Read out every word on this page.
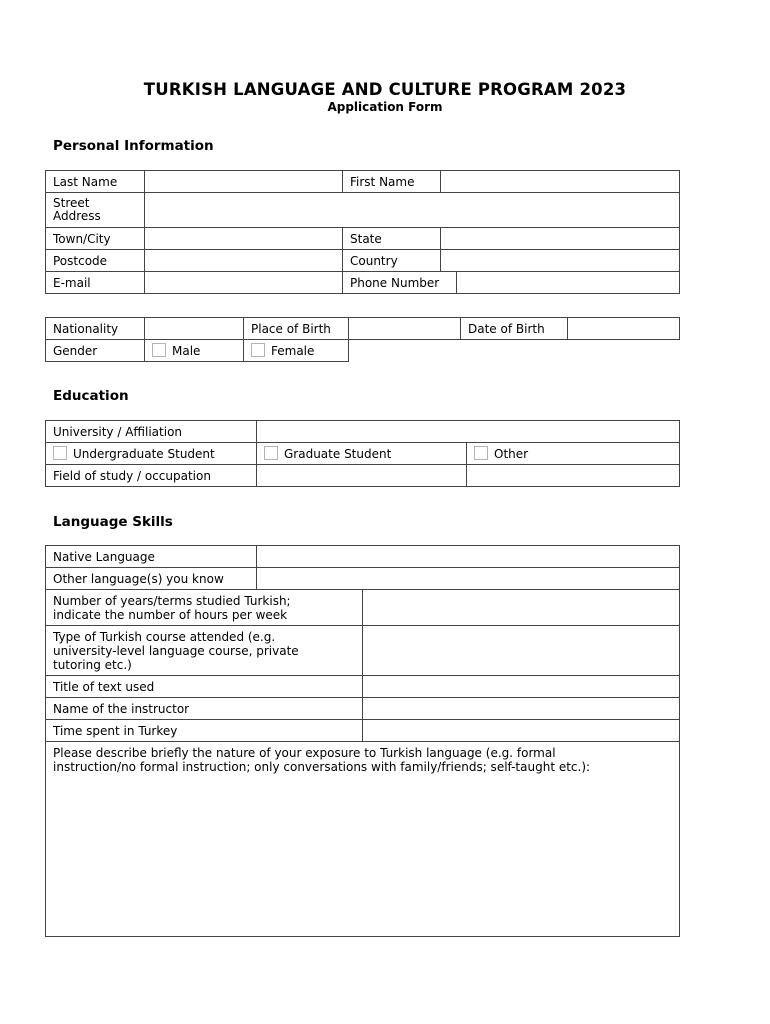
TURKISH LANGUAGE AND CULTURE PROGRAM 2023
Application Form
Personal Information
Last Name		First Name		

Street
Address				

Town/City		State		
Postcode		Country		
E-mail		Phone Number		
Nationality		Place of Birth		Date of Birth	
Gender	Male	Female			
Education
University / Affiliation		
Undergraduate Student	Graduate Student	Other
Field of study / occupation		
Language Skills
Native Language		
Other language(s) you know		

Number of years/terms studied Turkish;
indicate the number of hours per week		

Type of Turkish course attended (e.g.
university-level language course, private
tutoring etc.)		

Title of text used		
Name of the instructor		
Time spent in Turkey		

Please describe briefly the nature of your exposure to Turkish language (e.g. formal
instruction/no formal instruction; only conversations with family/friends; self-taught etc.):		
